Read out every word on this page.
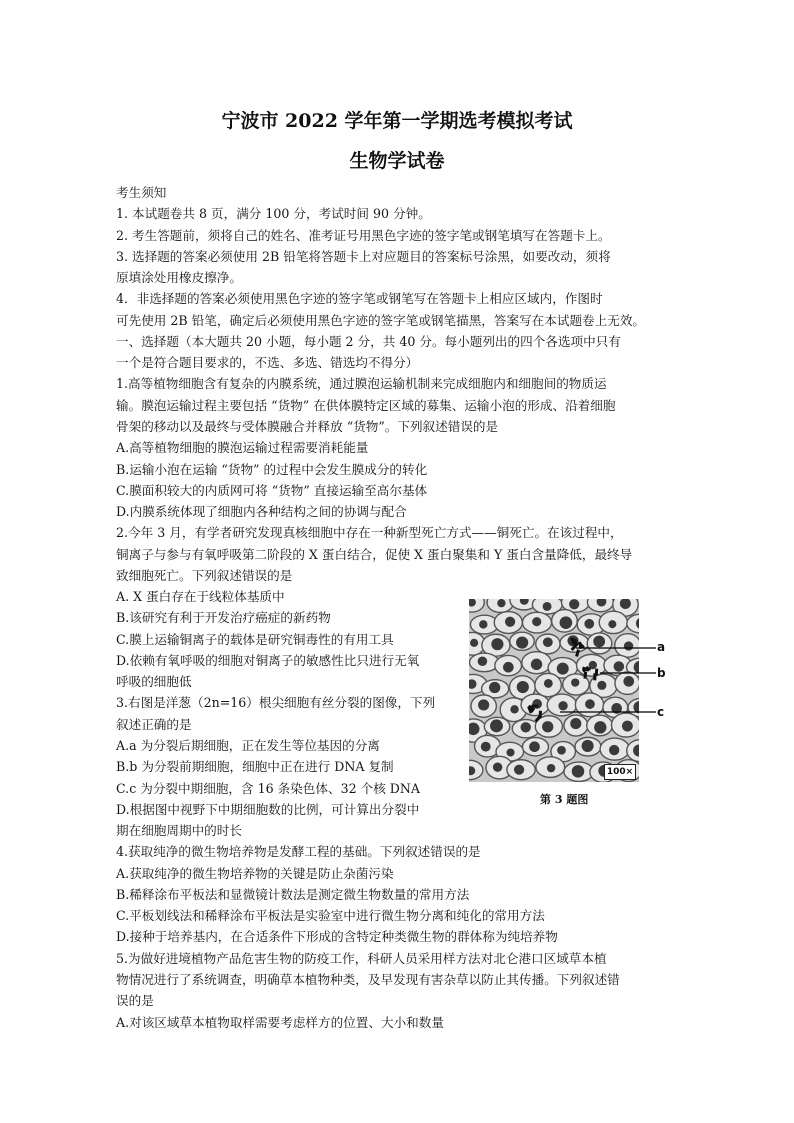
宁波市 2022 学年第一学期选考模拟考试
生物学试卷
考生须知
1. 本试题卷共 8 页，满分 100 分，考试时间 90 分钟。
2. 考生答题前，须将自己的姓名、准考证号用黑色字迹的签字笔或钢笔填写在答题卡上。
3. 选择题的答案必须使用 2B 铅笔将答题卡上对应题目的答案标号涂黑，如要改动，须将
原填涂处用橡皮擦净。
4．非选择题的答案必须使用黑色字迹的签字笔或钢笔写在答题卡上相应区域内，作图时
可先使用 2B 铅笔，确定后必须使用黑色字迹的签字笔或钢笔描黑，答案写在本试题卷上无效。
一、选择题（本大题共 20 小题，每小题 2 分，共 40 分。每小题列出的四个各选项中只有
一个是符合题目要求的，不选、多选、错选均不得分）
1.高等植物细胞含有复杂的内膜系统，通过膜泡运输机制来完成细胞内和细胞间的物质运
输。膜泡运输过程主要包括 “货物” 在供体膜特定区域的募集、运输小泡的形成、沿着细胞
骨架的移动以及最终与受体膜融合并释放 “货物”。下列叙述错误的是
A.高等植物细胞的膜泡运输过程需要消耗能量
B.运输小泡在运输 “货物” 的过程中会发生膜成分的转化
C.膜面积较大的内质网可将 “货物” 直接运输至高尔基体
D.内膜系统体现了细胞内各种结构之间的协调与配合
2.今年 3 月，有学者研究发现真核细胞中存在一种新型死亡方式——铜死亡。在该过程中，
铜离子与参与有氧呼吸第二阶段的 X 蛋白结合，促使 X 蛋白聚集和 Y 蛋白含量降低，最终导
致细胞死亡。下列叙述错误的是
A. X 蛋白存在于线粒体基质中
B.该研究有利于开发治疗癌症的新药物
C.膜上运输铜离子的载体是研究铜毒性的有用工具
D.依赖有氧呼吸的细胞对铜离子的敏感性比只进行无氧
呼吸的细胞低
3.右图是洋葱（2n=16）根尖细胞有丝分裂的图像，下列
叙述正确的是
A.a 为分裂后期细胞，正在发生等位基因的分离
B.b 为分裂前期细胞，细胞中正在进行 DNA 复制
C.c 为分裂中期细胞，含 16 条染色体、32 个核 DNA
D.根据图中视野下中期细胞数的比例，可计算出分裂中
期在细胞周期中的时长
4.获取纯净的微生物培养物是发酵工程的基础。下列叙述错误的是
A.获取纯净的微生物培养物的关键是防止杂菌污染
B.稀释涂布平板法和显微镜计数法是测定微生物数量的常用方法
C.平板划线法和稀释涂布平板法是实验室中进行微生物分离和纯化的常用方法
D.接种于培养基内，在合适条件下形成的含特定种类微生物的群体称为纯培养物
5.为做好进境植物产品危害生物的防疫工作，科研人员采用样方法对北仑港口区域草本植
物情况进行了系统调查，明确草本植物种类，及早发现有害杂草以防止其传播。下列叙述错
误的是
A.对该区域草本植物取样需要考虑样方的位置、大小和数量
a
b
c
100×
第 3 题图
